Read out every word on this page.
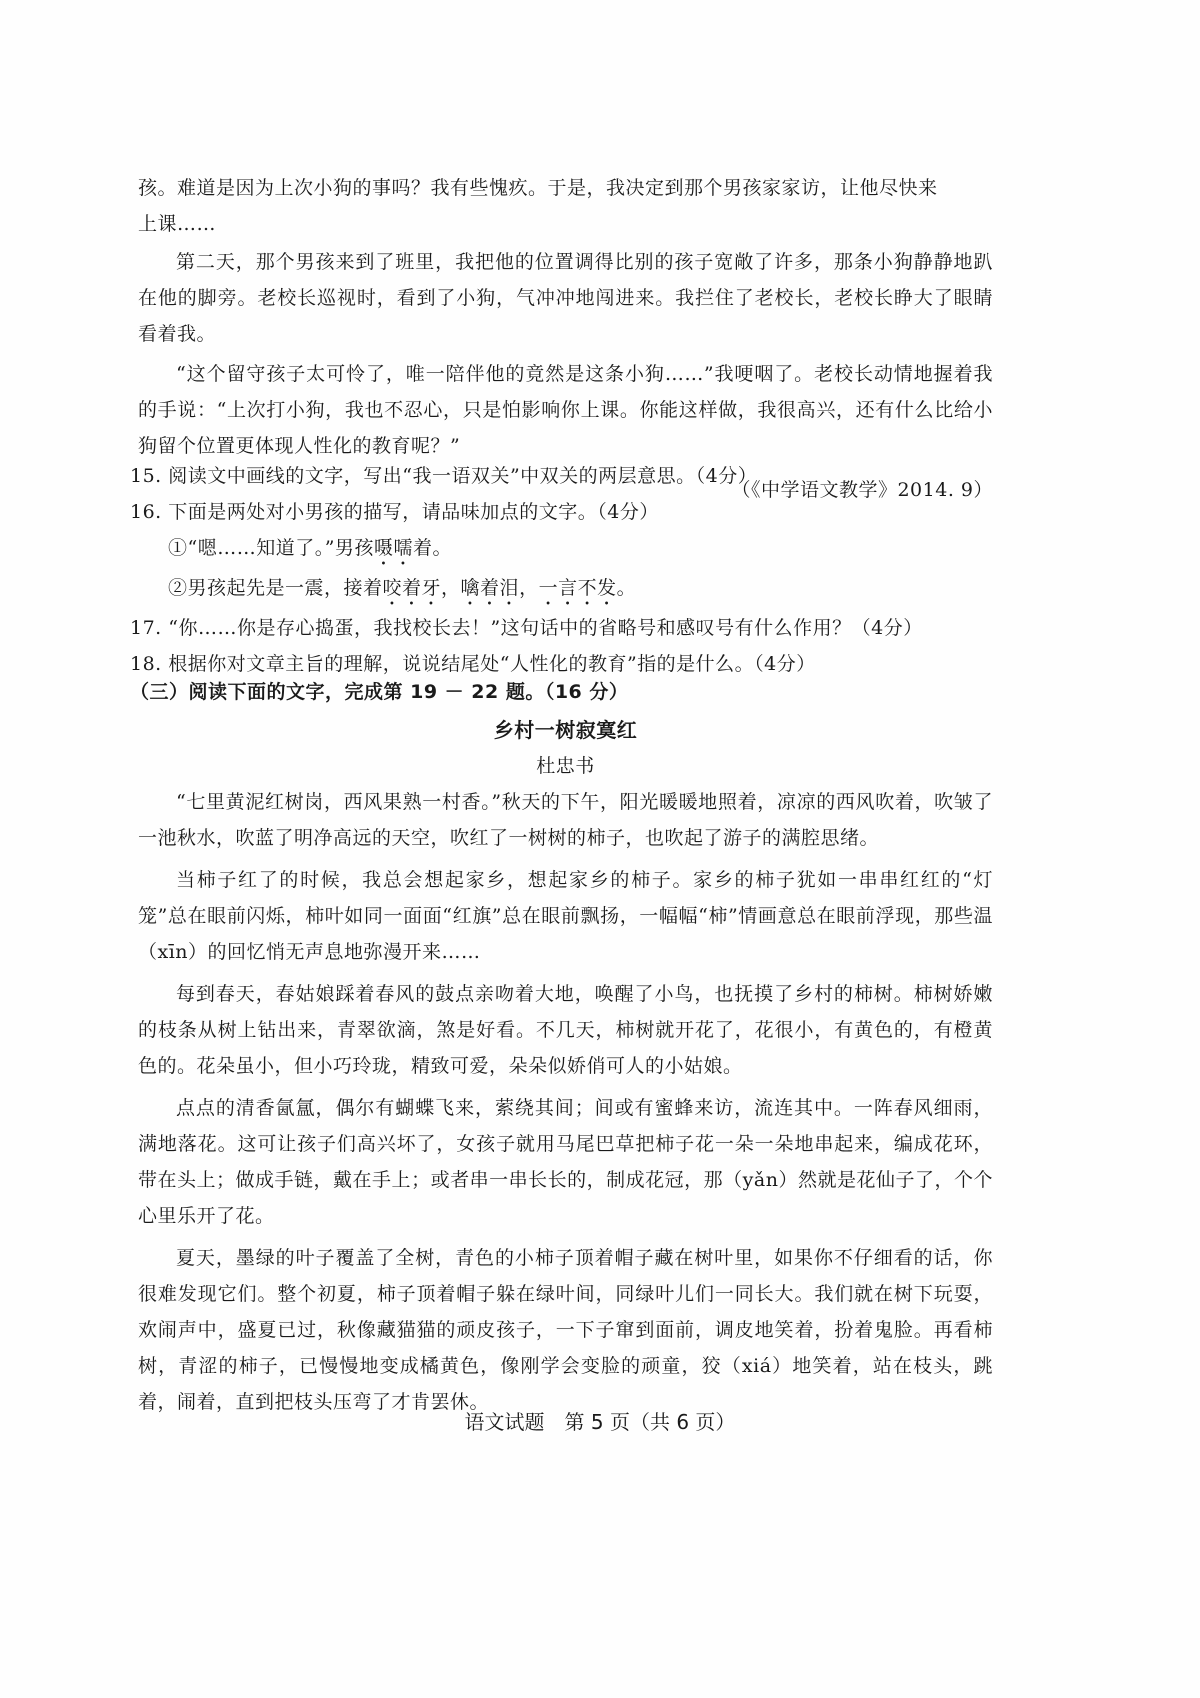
孩。难道是因为上次小狗的事吗？我有些愧疚。于是，我决定到那个男孩家家访，让他尽快来

上课……

第二天，那个男孩来到了班里，我把他的位置调得比别的孩子宽敞了许多，那条小狗静静地趴在他的脚旁。老校长巡视时，看到了小狗，气冲冲地闯进来。我拦住了老校长，老校长睁大了眼睛看着我。

“这个留守孩子太可怜了，唯一陪伴他的竟然是这条小狗……”我哽咽了。老校长动情地握着我的手说：“上次打小狗，我也不忍心，只是怕影响你上课。你能这样做，我很高兴，还有什么比给小狗留个位置更体现人性化的教育呢？”

（《中学语文教学》2014. 9）

15. 阅读文中画线的文字，写出“我一语双关”中双关的两层意思。（4分）

16. 下面是两处对小男孩的描写，请品味加点的文字。（4分）

①“嗯……知道了。”男孩嗫嚅着。

②男孩起先是一震，接着咬着牙，噙着泪，一言不发。

17. “你……你是存心捣蛋，我找校长去！”这句话中的省略号和感叹号有什么作用？（4分）

18. 根据你对文章主旨的理解，说说结尾处“人性化的教育”指的是什么。（4分）

（三）阅读下面的文字，完成第 19 － 22 题。（16 分）

乡村一树寂寞红

杜忠书

“七里黄泥红树岗，西风果熟一村香。”秋天的下午，阳光暖暖地照着，凉凉的西风吹着，吹皱了一池秋水，吹蓝了明净高远的天空，吹红了一树树的柿子，也吹起了游子的满腔思绪。

当柿子红了的时候，我总会想起家乡，想起家乡的柿子。家乡的柿子犹如一串串红红的“灯笼”总在眼前闪烁，柿叶如同一面面“红旗”总在眼前飘扬，一幅幅“柿”情画意总在眼前浮现，那些温（xīn）的回忆悄无声息地弥漫开来……

每到春天，春姑娘踩着春风的鼓点亲吻着大地，唤醒了小鸟，也抚摸了乡村的柿树。柿树娇嫩的枝条从树上钻出来，青翠欲滴，煞是好看。不几天，柿树就开花了，花很小，有黄色的，有橙黄色的。花朵虽小，但小巧玲珑，精致可爱，朵朵似娇俏可人的小姑娘。

点点的清香氤氲，偶尔有蝴蝶飞来，萦绕其间；间或有蜜蜂来访，流连其中。一阵春风细雨，满地落花。这可让孩子们高兴坏了，女孩子就用马尾巴草把柿子花一朵一朵地串起来，编成花环，带在头上；做成手链，戴在手上；或者串一串长长的，制成花冠，那（yǎn）然就是花仙子了，个个心里乐开了花。

夏天，墨绿的叶子覆盖了全树，青色的小柿子顶着帽子藏在树叶里，如果你不仔细看的话，你很难发现它们。整个初夏，柿子顶着帽子躲在绿叶间，同绿叶儿们一同长大。我们就在树下玩耍，欢闹声中，盛夏已过，秋像藏猫猫的顽皮孩子，一下子窜到面前，调皮地笑着，扮着鬼脸。再看柿树，青涩的柿子，已慢慢地变成橘黄色，像刚学会变脸的顽童，狡（xiá）地笑着，站在枝头，跳着，闹着，直到把枝头压弯了才肯罢休。

语文试题　第 5 页（共 6 页）
